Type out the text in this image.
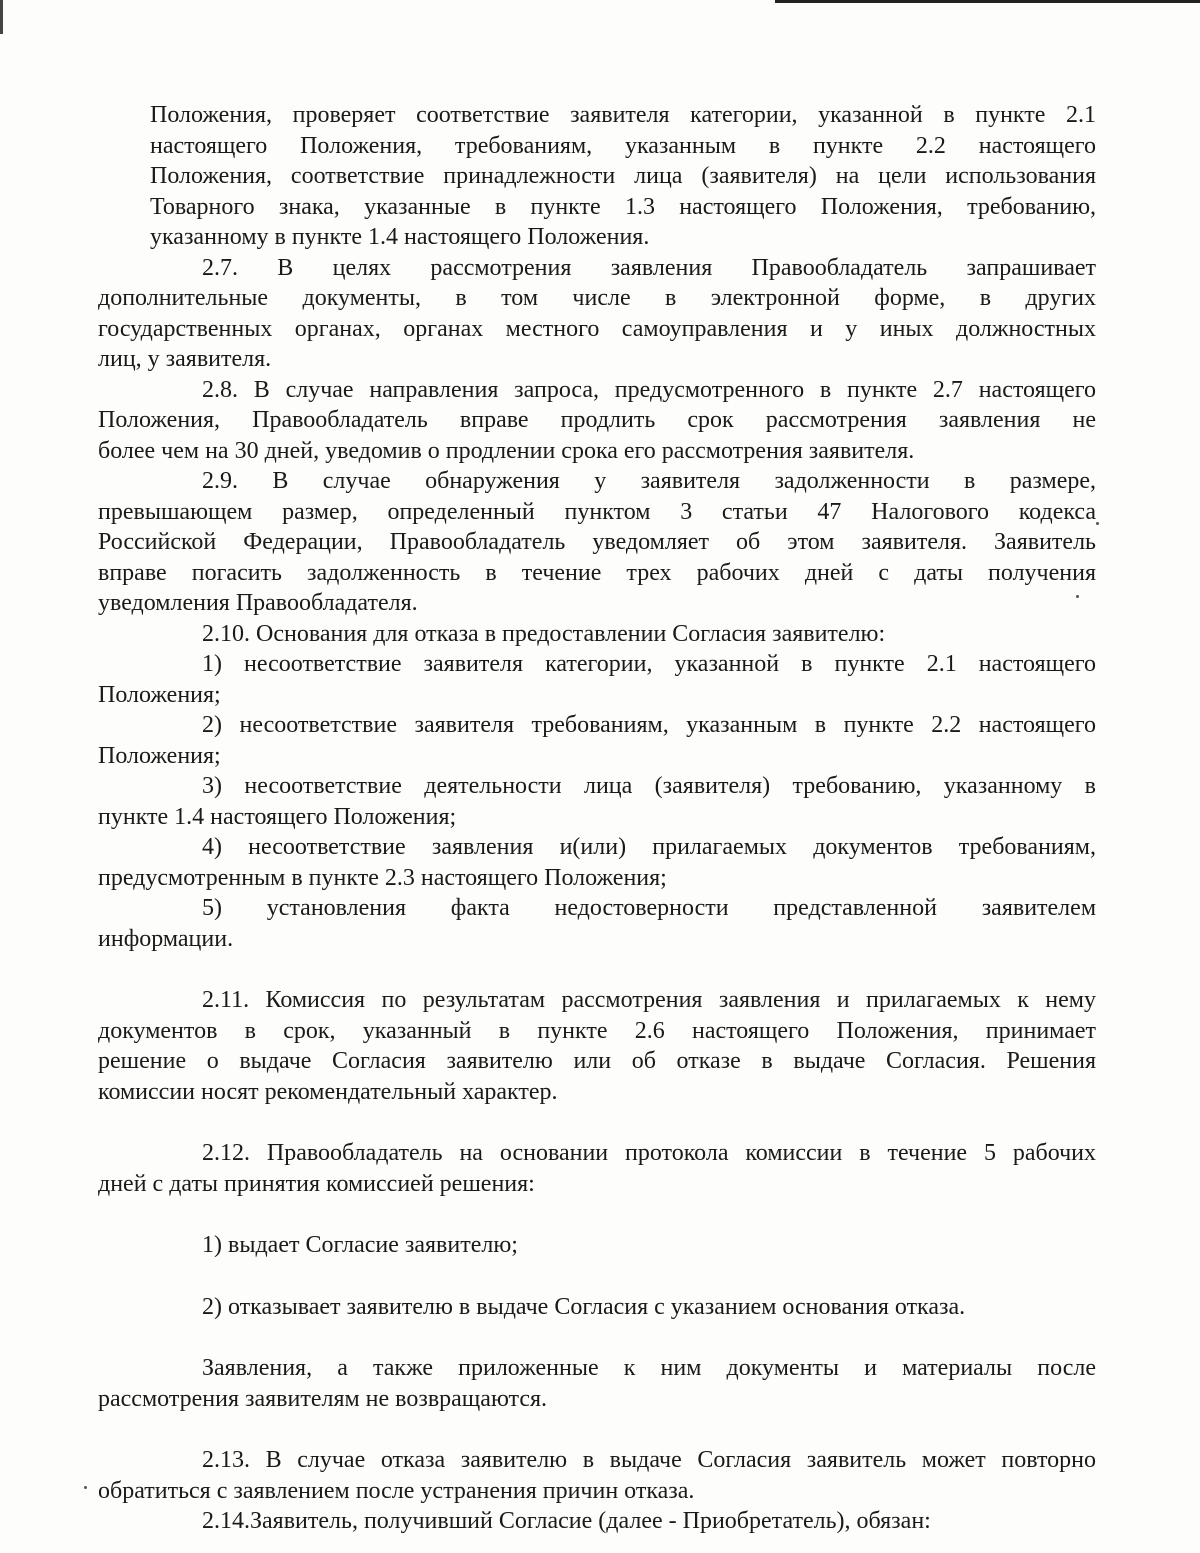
Положения, проверяет соответствие заявителя категории, указанной в пункте 2.1
настоящего Положения, требованиям, указанным в пункте 2.2 настоящего
Положения, соответствие принадлежности лица (заявителя) на цели использования
Товарного знака, указанные в пункте 1.3 настоящего Положения, требованию,
указанному в пункте 1.4 настоящего Положения.

2.7. В целях рассмотрения заявления Правообладатель запрашивает
дополнительные документы, в том числе в электронной форме, в других
государственных органах, органах местного самоуправления и у иных должностных
лиц, у заявителя.

2.8. В случае направления запроса, предусмотренного в пункте 2.7 настоящего
Положения, Правообладатель вправе продлить срок рассмотрения заявления не
более чем на 30 дней, уведомив о продлении срока его рассмотрения заявителя.

2.9. В случае обнаружения у заявителя задолженности в размере,
превышающем размер, определенный пунктом 3 статьи 47 Налогового кодекса
Российской Федерации, Правообладатель уведомляет об этом заявителя. Заявитель
вправе погасить задолженность в течение трех рабочих дней с даты получения
уведомления Правообладателя.

2.10. Основания для отказа в предоставлении Согласия заявителю:

1) несоответствие заявителя категории, указанной в пункте 2.1 настоящего
Положения;

2) несоответствие заявителя требованиям, указанным в пункте 2.2 настоящего
Положения;

3) несоответствие деятельности лица (заявителя) требованию, указанному в
пункте 1.4 настоящего Положения;

4) несоответствие заявления и(или) прилагаемых документов требованиям,
предусмотренным в пункте 2.3 настоящего Положения;

5) установления факта недостоверности представленной заявителем
информации.

2.11. Комиссия по результатам рассмотрения заявления и прилагаемых к нему
документов в срок, указанный в пункте 2.6 настоящего Положения, принимает
решение о выдаче Согласия заявителю или об отказе в выдаче Согласия. Решения
комиссии носят рекомендательный характер.

2.12. Правообладатель на основании протокола комиссии в течение 5 рабочих
дней с даты принятия комиссией решения:

1) выдает Согласие заявителю;

2) отказывает заявителю в выдаче Согласия с указанием основания отказа.

Заявления, а также приложенные к ним документы и материалы после
рассмотрения заявителям не возвращаются.

2.13. В случае отказа заявителю в выдаче Согласия заявитель может повторно
обратиться с заявлением после устранения причин отказа.

2.14.Заявитель, получивший Согласие (далее - Приобретатель), обязан:
